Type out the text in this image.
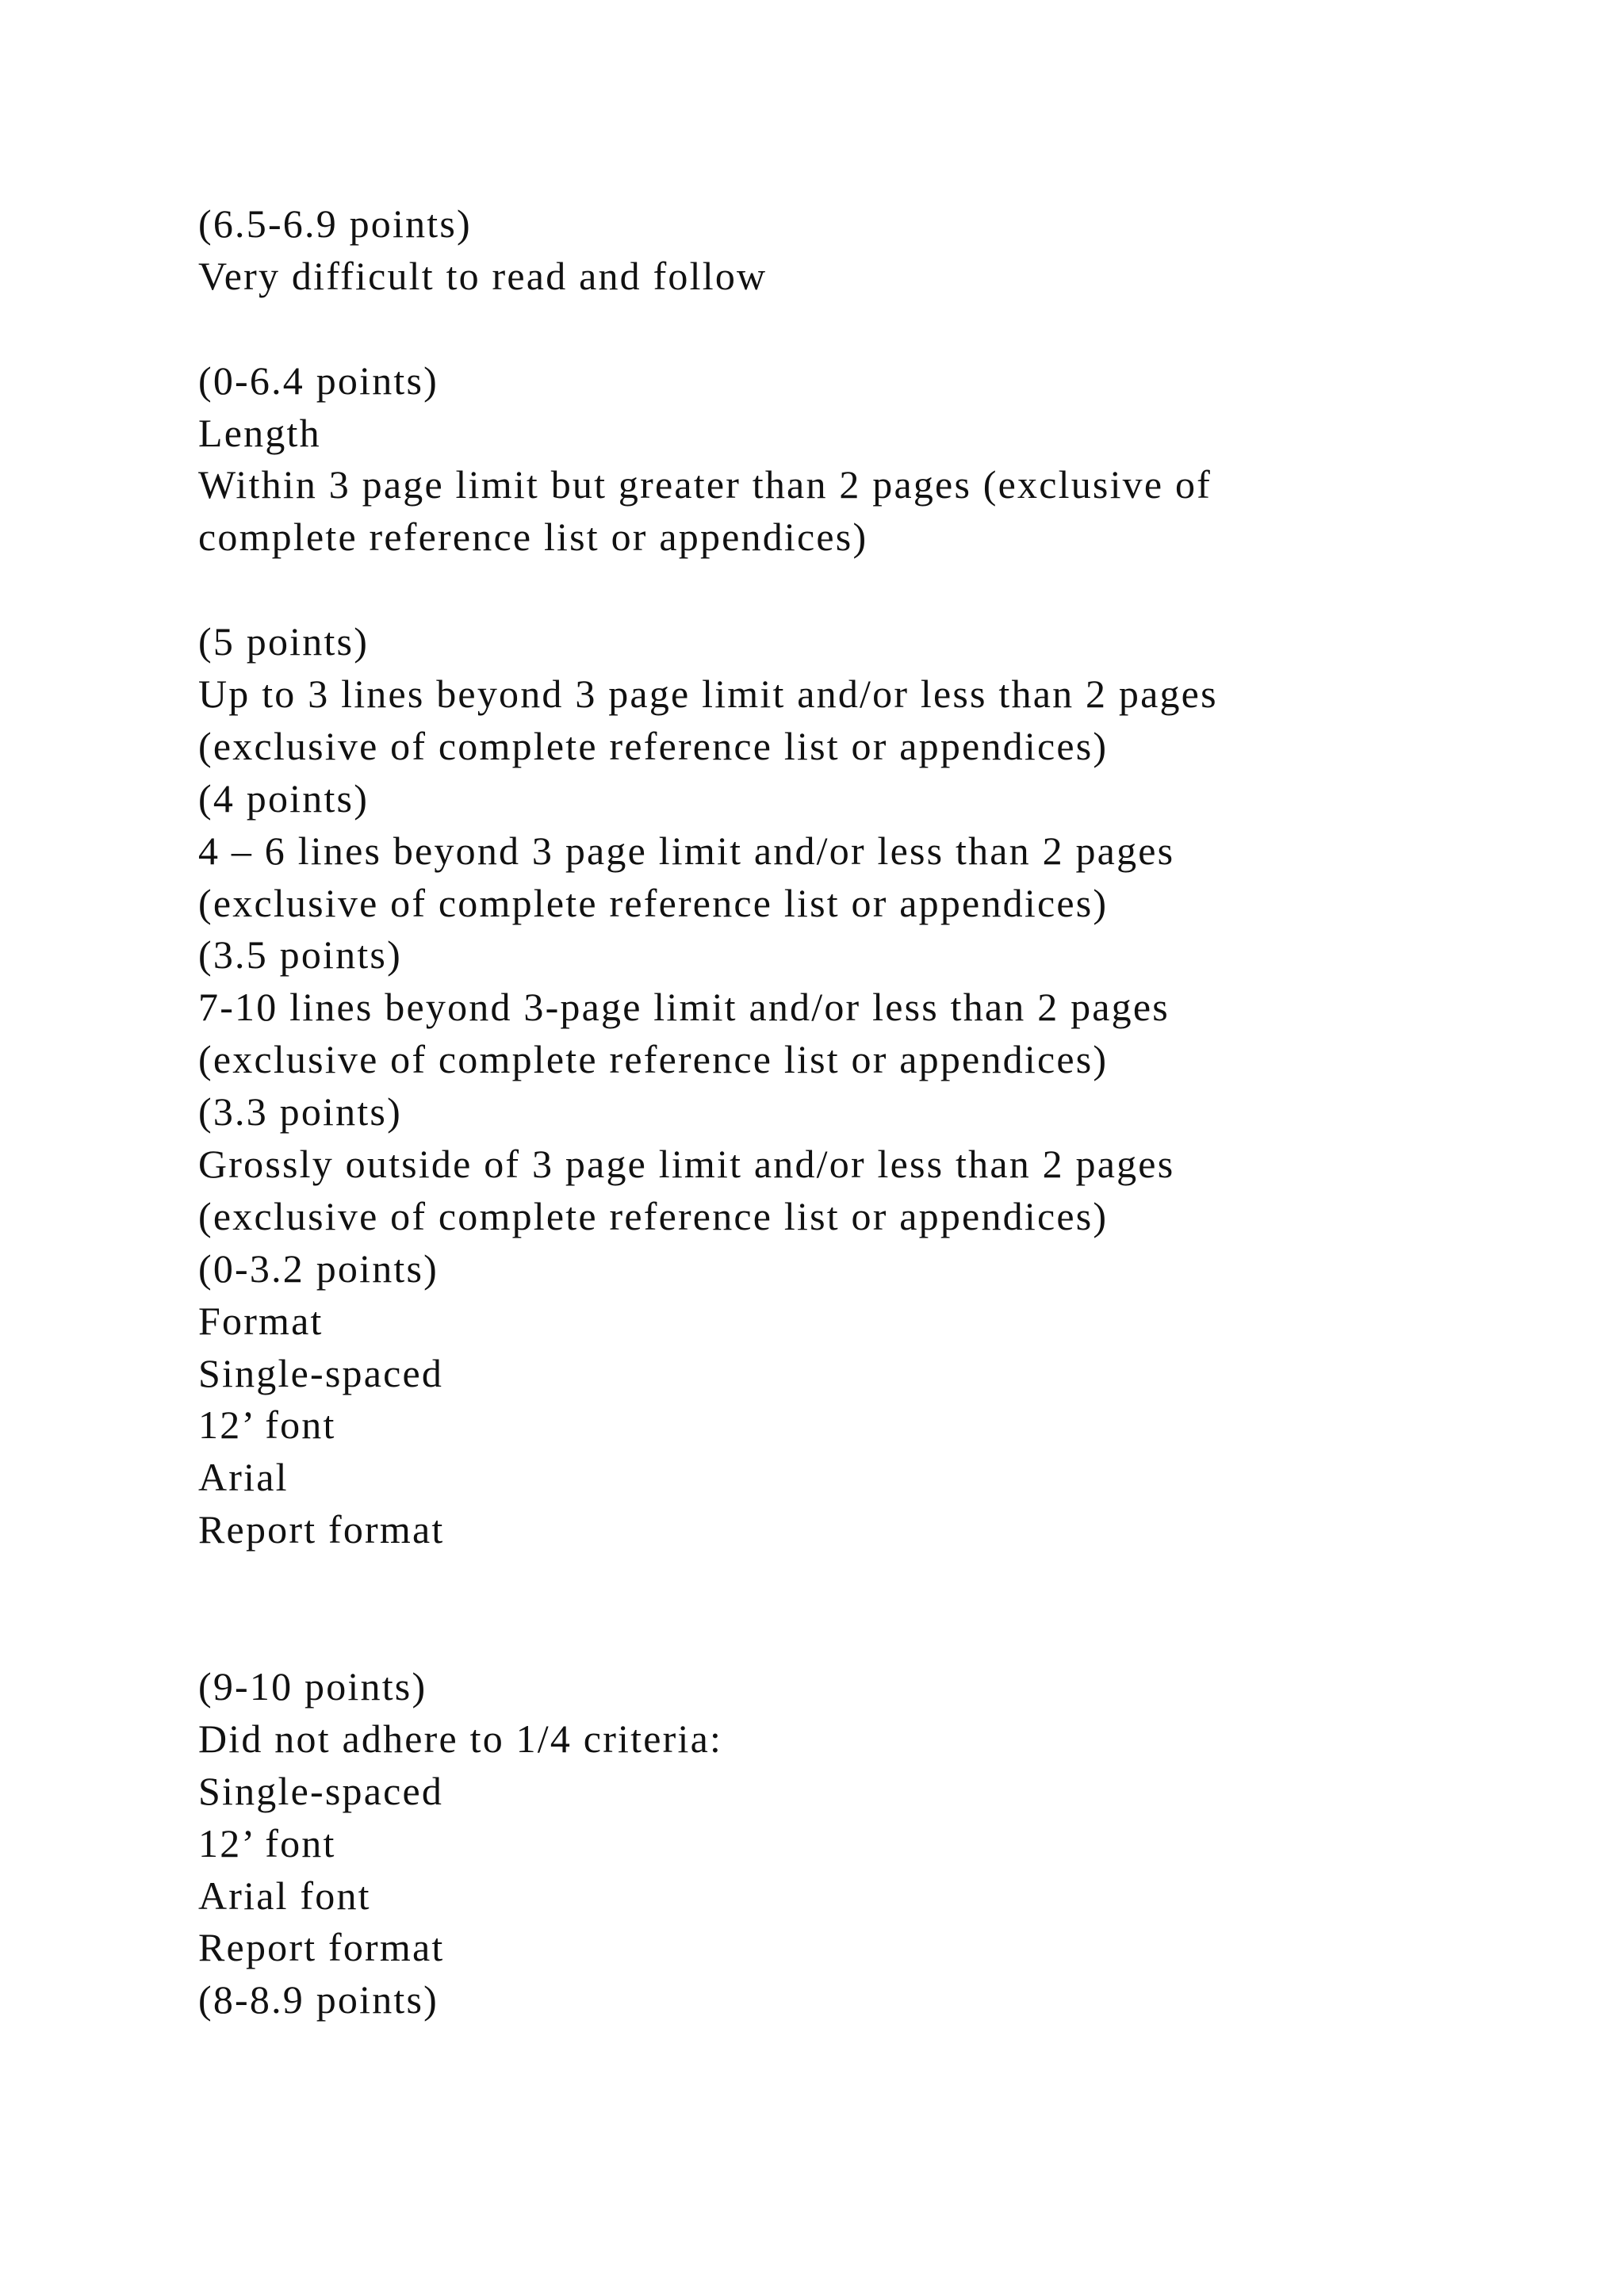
(6.5-6.9 points)
Very difficult to read and follow
(0-6.4 points)
Length
Within 3 page limit but greater than 2 pages (exclusive of
complete reference list or appendices)
(5 points)
Up to 3 lines beyond 3 page limit and/or less than 2 pages
(exclusive of complete reference list or appendices)
(4 points)
4 – 6 lines beyond 3 page limit and/or less than 2 pages
(exclusive of complete reference list or appendices)
(3.5 points)
7-10 lines beyond 3-page limit and/or less than 2 pages
(exclusive of complete reference list or appendices)
(3.3 points)
Grossly outside of 3 page limit and/or less than 2 pages
(exclusive of complete reference list or appendices)
(0-3.2 points)
Format
Single-spaced
12’ font
Arial
Report format
(9-10 points)
Did not adhere to 1/4 criteria:
Single-spaced
12’ font
Arial font
Report format
(8-8.9 points)
